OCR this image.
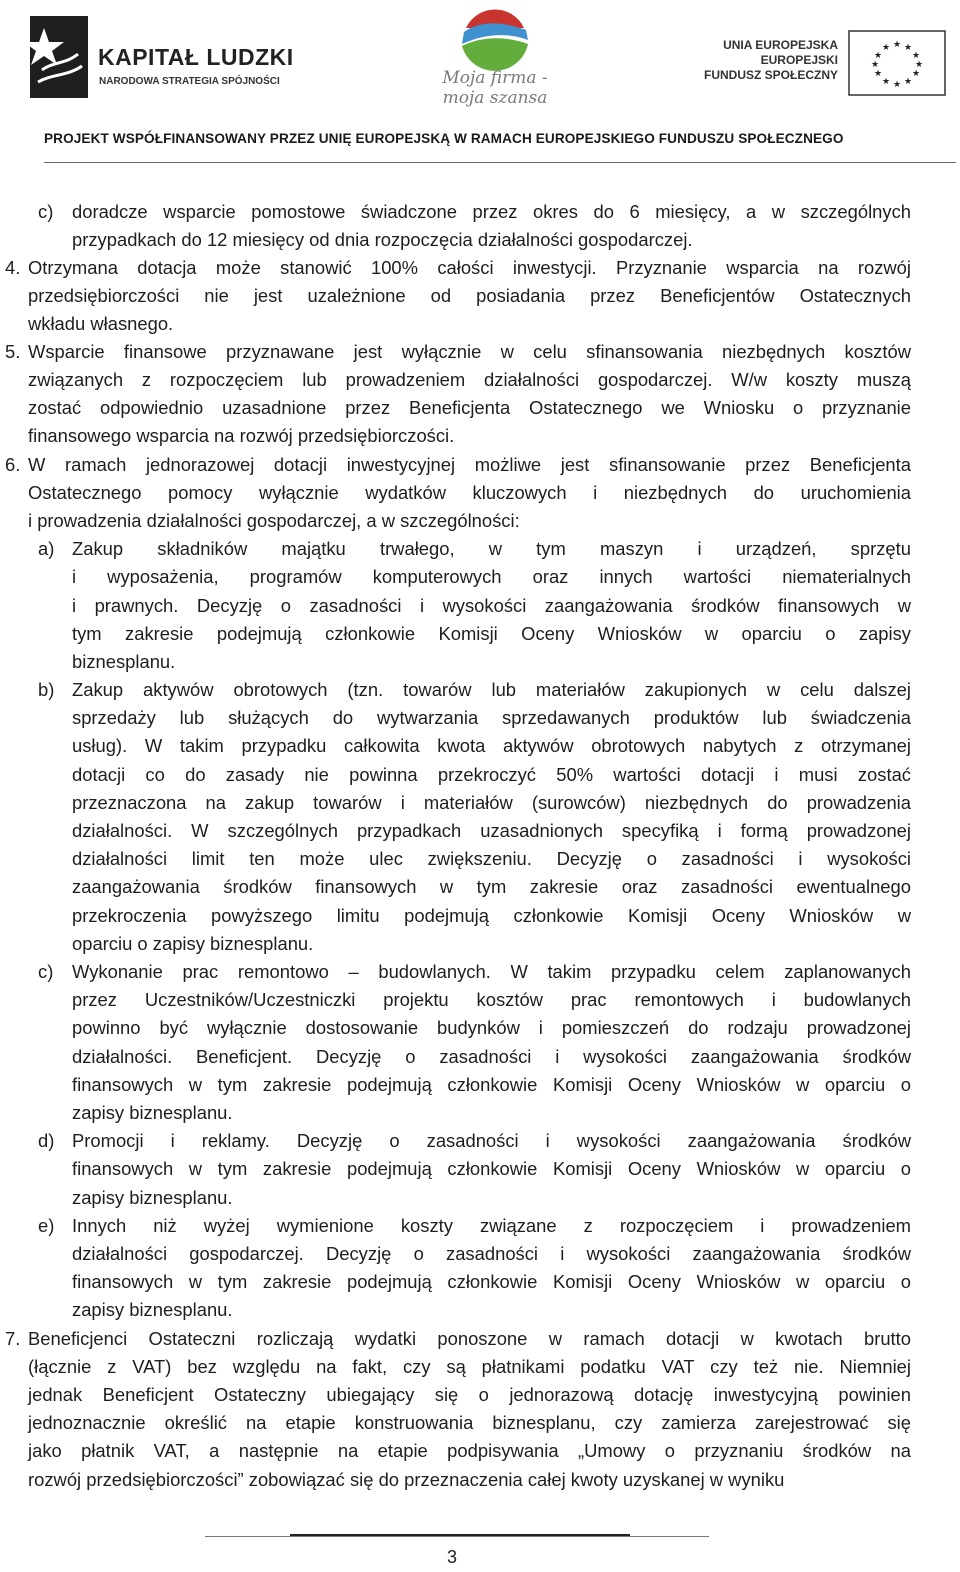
KAPITAŁ LUDZKI
NARODOWA STRATEGIA SPÓJNOŚCI	Moja firma -
moja szansa
UNIA EUROPEJSKA
EUROPEJSKI
FUNDUSZ SPOŁECZNY
★ ★
★
★
★
★
★
★
★
★
★
★
PROJEKT WSPÓŁFINANSOWANY PRZEZ UNIĘ EUROPEJSKĄ W RAMACH EUROPEJSKIEGO FUNDUSZU SPOŁECZNEGO
c) doradcze wsparcie pomostowe świadczone przez okres do 6 miesięcy, a w szczególnych
przypadkach do 12 miesięcy od dnia rozpoczęcia działalności gospodarczej.
4. Otrzymana dotacja może stanowić 100% całości inwestycji. Przyznanie wsparcia na rozwój
przedsiębiorczości nie jest uzależnione od posiadania przez Beneficjentów Ostatecznych
wkładu własnego.
5. Wsparcie finansowe przyznawane jest wyłącznie w celu sfinansowania niezbędnych kosztów
związanych z rozpoczęciem lub prowadzeniem działalności gospodarczej. W/w koszty muszą
zostać odpowiednio uzasadnione przez Beneficjenta Ostatecznego we Wniosku o przyznanie
finansowego wsparcia na rozwój przedsiębiorczości.
6. W ramach jednorazowej dotacji inwestycyjnej możliwe jest sfinansowanie przez Beneficjenta
Ostatecznego pomocy wyłącznie wydatków kluczowych i niezbędnych do uruchomienia
i prowadzenia działalności gospodarczej, a w szczególności:
a) Zakup składników majątku trwałego, w tym maszyn i urządzeń, sprzętu
i wyposażenia, programów komputerowych oraz innych wartości niematerialnych
i prawnych. Decyzję o zasadności i wysokości zaangażowania środków finansowych w
tym zakresie podejmują członkowie Komisji Oceny Wniosków w oparciu o zapisy
biznesplanu.
b) Zakup aktywów obrotowych (tzn. towarów lub materiałów zakupionych w celu dalszej
sprzedaży lub służących do wytwarzania sprzedawanych produktów lub świadczenia
usług). W takim przypadku całkowita kwota aktywów obrotowych nabytych z otrzymanej
dotacji co do zasady nie powinna przekroczyć 50% wartości dotacji i musi zostać
przeznaczona na zakup towarów i materiałów (surowców) niezbędnych do prowadzenia
działalności. W szczególnych przypadkach uzasadnionych specyfiką i formą prowadzonej
działalności limit ten może ulec zwiększeniu. Decyzję o zasadności i wysokości
zaangażowania środków finansowych w tym zakresie oraz zasadności ewentualnego
przekroczenia powyższego limitu podejmują członkowie Komisji Oceny Wniosków w
oparciu o zapisy biznesplanu.
c) Wykonanie prac remontowo – budowlanych. W takim przypadku celem zaplanowanych
przez Uczestników/Uczestniczki projektu kosztów prac remontowych i budowlanych
powinno być wyłącznie dostosowanie budynków i pomieszczeń do rodzaju prowadzonej
działalności. Beneficjent. Decyzję o zasadności i wysokości zaangażowania środków
finansowych w tym zakresie podejmują członkowie Komisji Oceny Wniosków w oparciu o
zapisy biznesplanu.
d) Promocji i reklamy. Decyzję o zasadności i wysokości zaangażowania środków
finansowych w tym zakresie podejmują członkowie Komisji Oceny Wniosków w oparciu o
zapisy biznesplanu.
e) Innych niż wyżej wymienione koszty związane z rozpoczęciem i prowadzeniem
działalności gospodarczej. Decyzję o zasadności i wysokości zaangażowania środków
finansowych w tym zakresie podejmują członkowie Komisji Oceny Wniosków w oparciu o
zapisy biznesplanu.
7. Beneficjenci Ostateczni rozliczają wydatki ponoszone w ramach dotacji w kwotach brutto
(łącznie z VAT) bez względu na fakt, czy są płatnikami podatku VAT czy też nie. Niemniej
jednak Beneficjent Ostateczny ubiegający się o jednorazową dotację inwestycyjną powinien
jednoznacznie określić na etapie konstruowania biznesplanu, czy zamierza zarejestrować się
jako płatnik VAT, a następnie na etapie podpisywania „Umowy o przyznaniu środków na
rozwój przedsiębiorczości” zobowiązać się do przeznaczenia całej kwoty uzyskanej w wyniku
3
